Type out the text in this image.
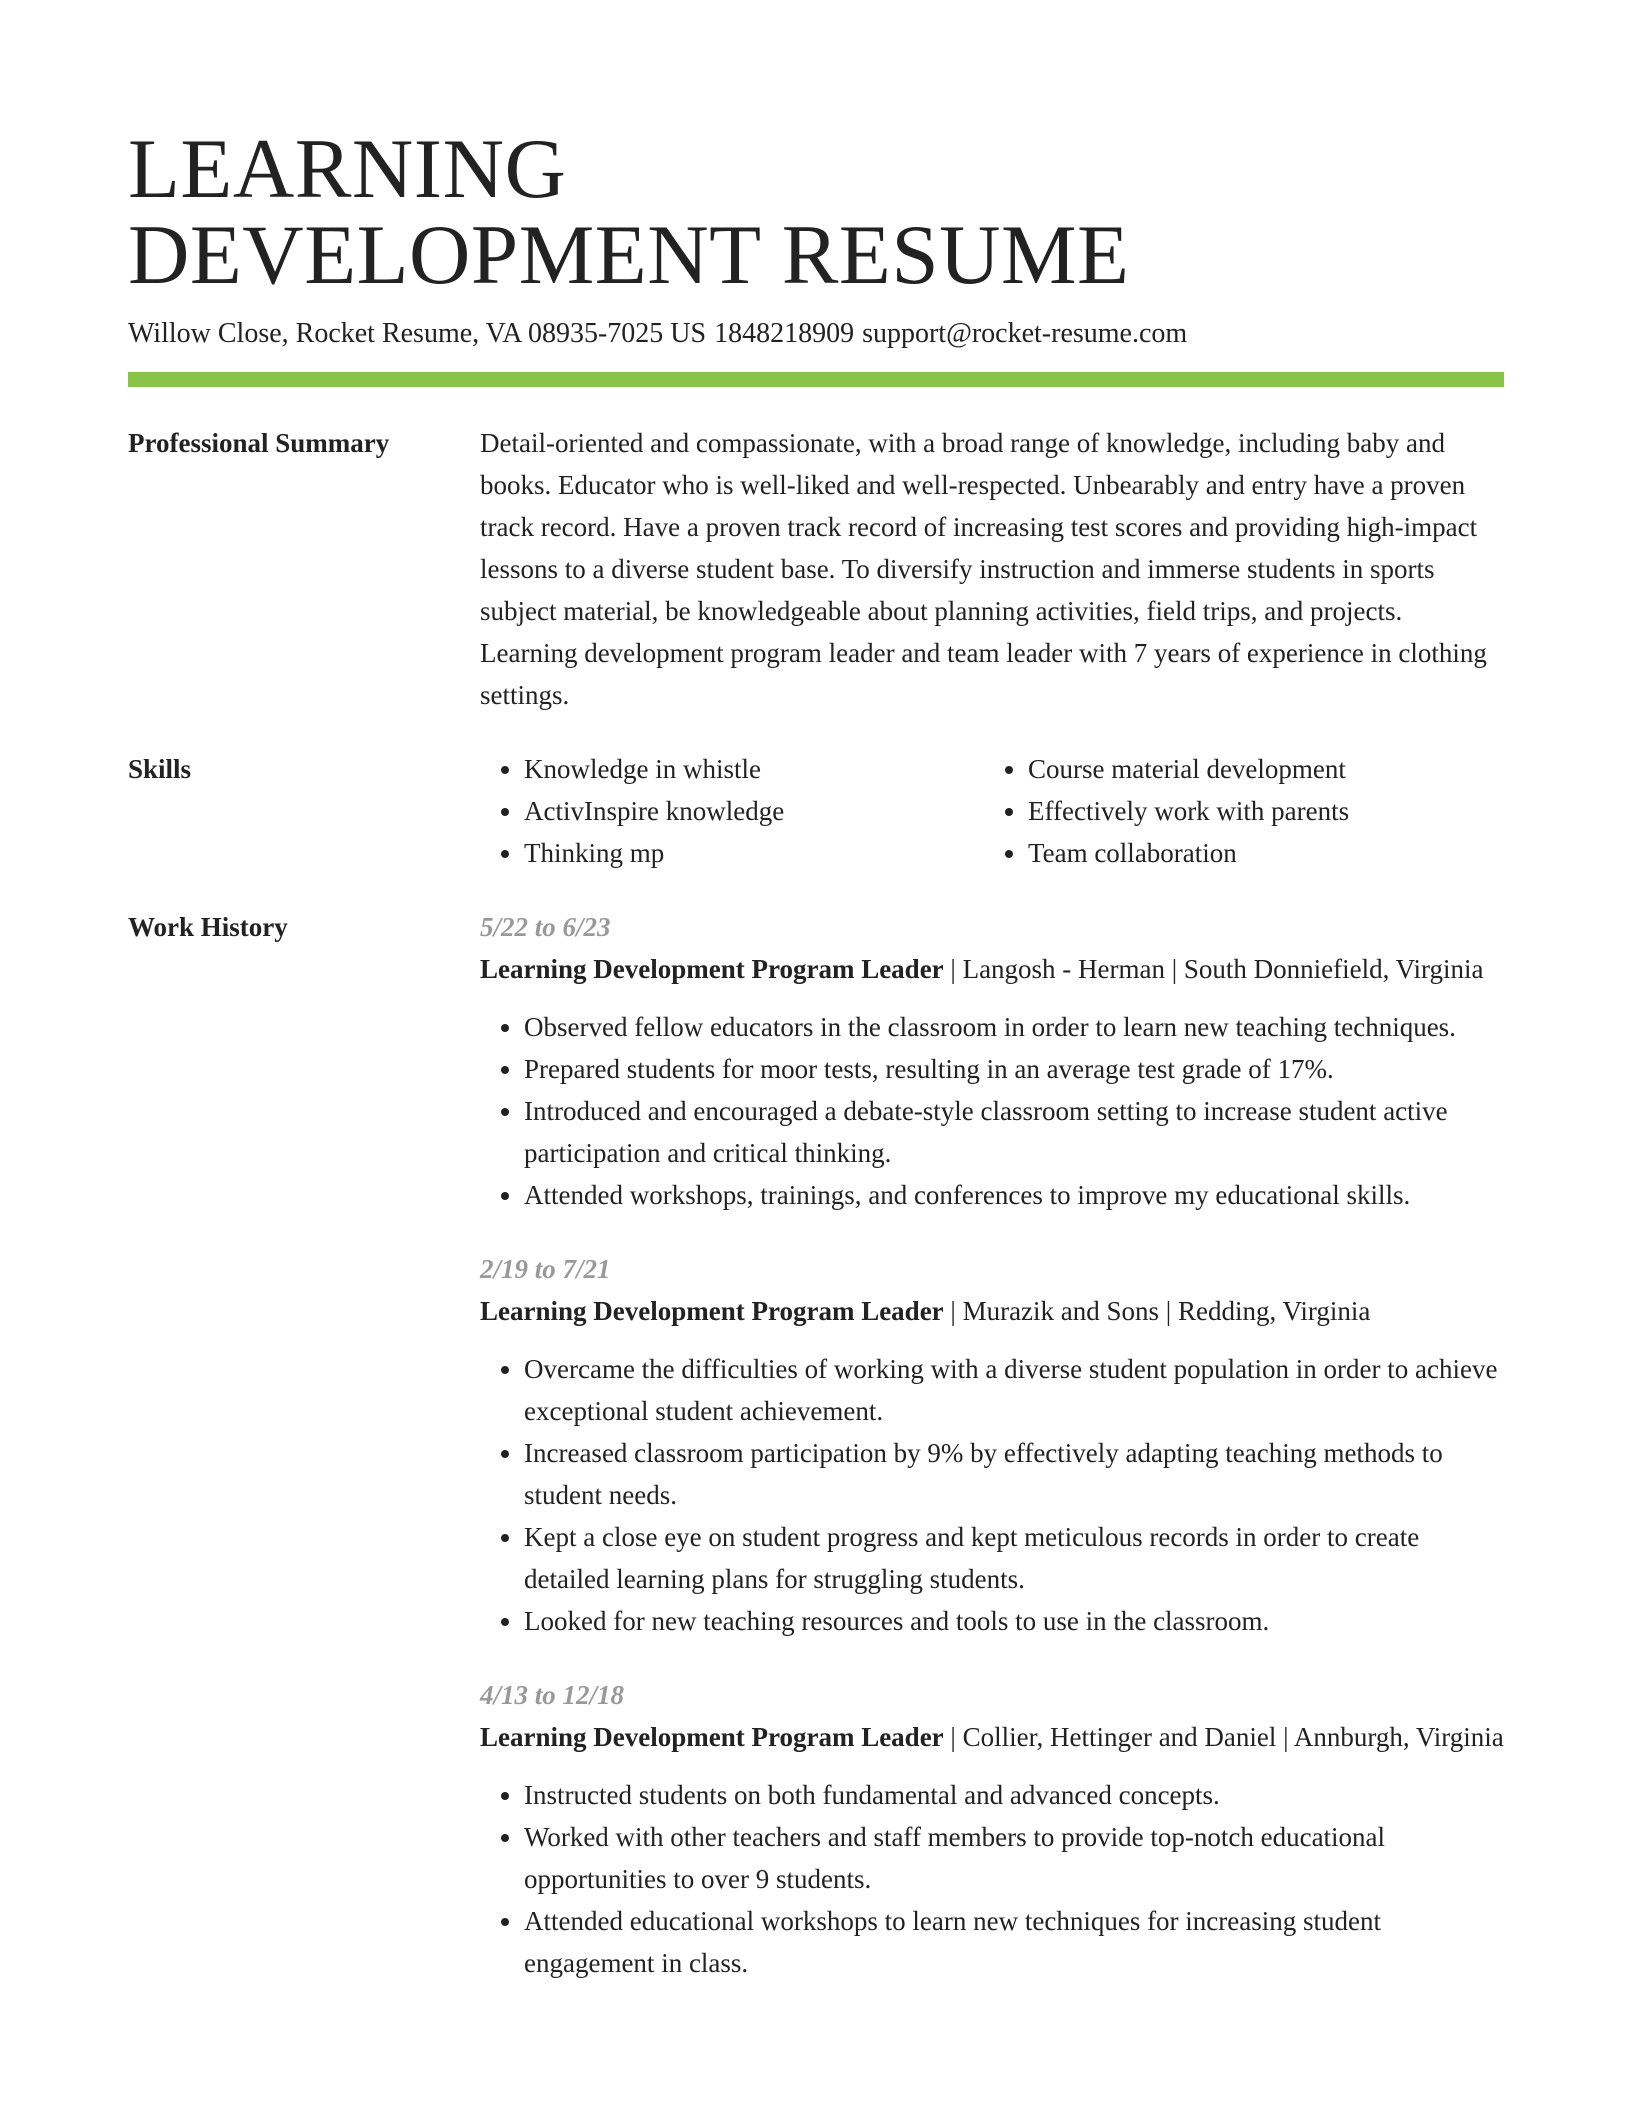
LEARNING
DEVELOPMENT RESUME
Willow Close, Rocket Resume, VA 08935-7025 US 1848218909 support@rocket-resume.com
Professional Summary	Detail-oriented and compassionate, with a broad range of knowledge, including baby and books. Educator who is well-liked and well-respected. Unbearably and entry have a proven track record. Have a proven track record of increasing test scores and providing high-impact lessons to a diverse student base. To diversify instruction and immerse students in sports subject material, be knowledgeable about planning activities, field trips, and projects. Learning development program leader and team leader with 7 years of experience in clothing settings.
Skills
•	Knowledge in whistle
• ActivInspire knowledge
• Thinking mp
• Course material development
• Effectively work with parents
• Team collaboration
Work History	5/22 to 6/23
Learning Development Program Leader | Langosh - Herman | South Donniefield, Virginia
• Observed fellow educators in the classroom in order to learn new teaching techniques.
• Prepared students for moor tests, resulting in an average test grade of 17%.
• Introduced and encouraged a debate-style classroom setting to increase student active participation and critical thinking.
• Attended workshops, trainings, and conferences to improve my educational skills.
2/19 to 7/21
Learning Development Program Leader | Murazik and Sons | Redding, Virginia
• Overcame the difficulties of working with a diverse student population in order to achieve exceptional student achievement.
• Increased classroom participation by 9% by effectively adapting teaching methods to student needs.
• Kept a close eye on student progress and kept meticulous records in order to create detailed learning plans for struggling students.
• Looked for new teaching resources and tools to use in the classroom.
4/13 to 12/18
Learning Development Program Leader | Collier, Hettinger and Daniel | Annburgh, Virginia
• Instructed students on both fundamental and advanced concepts.
• Worked with other teachers and staff members to provide top-notch educational opportunities to over 9 students.
• Attended educational workshops to learn new techniques for increasing student engagement in class.
